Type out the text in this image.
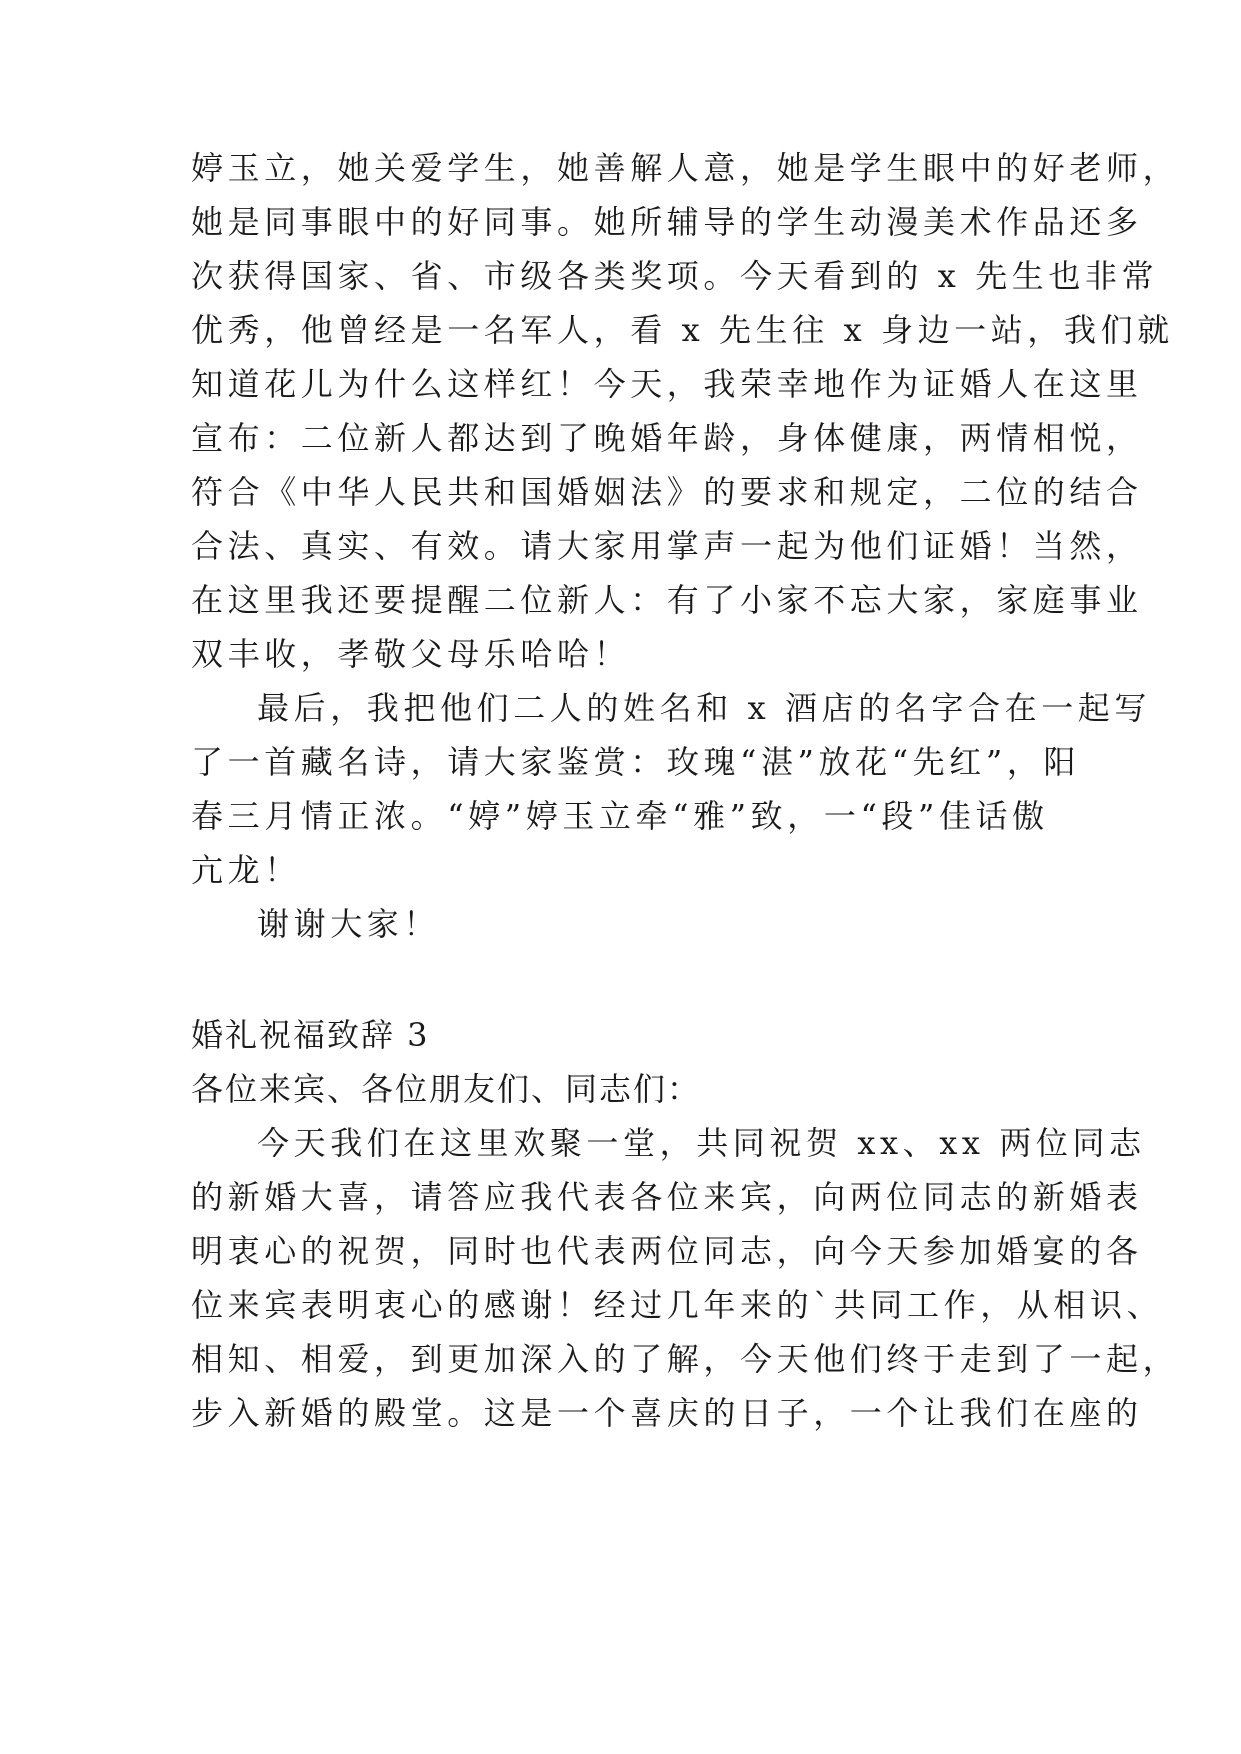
婷玉立，她关爱学生，她善解人意，她是学生眼中的好老师，
她是同事眼中的好同事。她所辅导的学生动漫美术作品还多
次获得国家、省、市级各类奖项。今天看到的 x 先生也非常
优秀，他曾经是一名军人，看 x 先生往 x 身边一站，我们就
知道花儿为什么这样红！今天，我荣幸地作为证婚人在这里
宣布：二位新人都达到了晚婚年龄，身体健康，两情相悦，
符合《中华人民共和国婚姻法》的要求和规定，二位的结合
合法、真实、有效。请大家用掌声一起为他们证婚！当然，
在这里我还要提醒二位新人：有了小家不忘大家，家庭事业
双丰收，孝敬父母乐哈哈！
最后，我把他们二人的姓名和 x 酒店的名字合在一起写
了一首藏名诗，请大家鉴赏：玫瑰“湛”放花“先红”，阳
春三月情正浓。“婷”婷玉立牵“雅”致，一“段”佳话傲
亢龙！
谢谢大家！
婚礼祝福致辞 3
各位来宾、各位朋友们、同志们：
今天我们在这里欢聚一堂，共同祝贺 xx、xx 两位同志
的新婚大喜，请答应我代表各位来宾，向两位同志的新婚表
明衷心的祝贺，同时也代表两位同志，向今天参加婚宴的各
位来宾表明衷心的感谢！经过几年来的`共同工作，从相识、
相知、相爱，到更加深入的了解，今天他们终于走到了一起，
步入新婚的殿堂。这是一个喜庆的日子，一个让我们在座的
